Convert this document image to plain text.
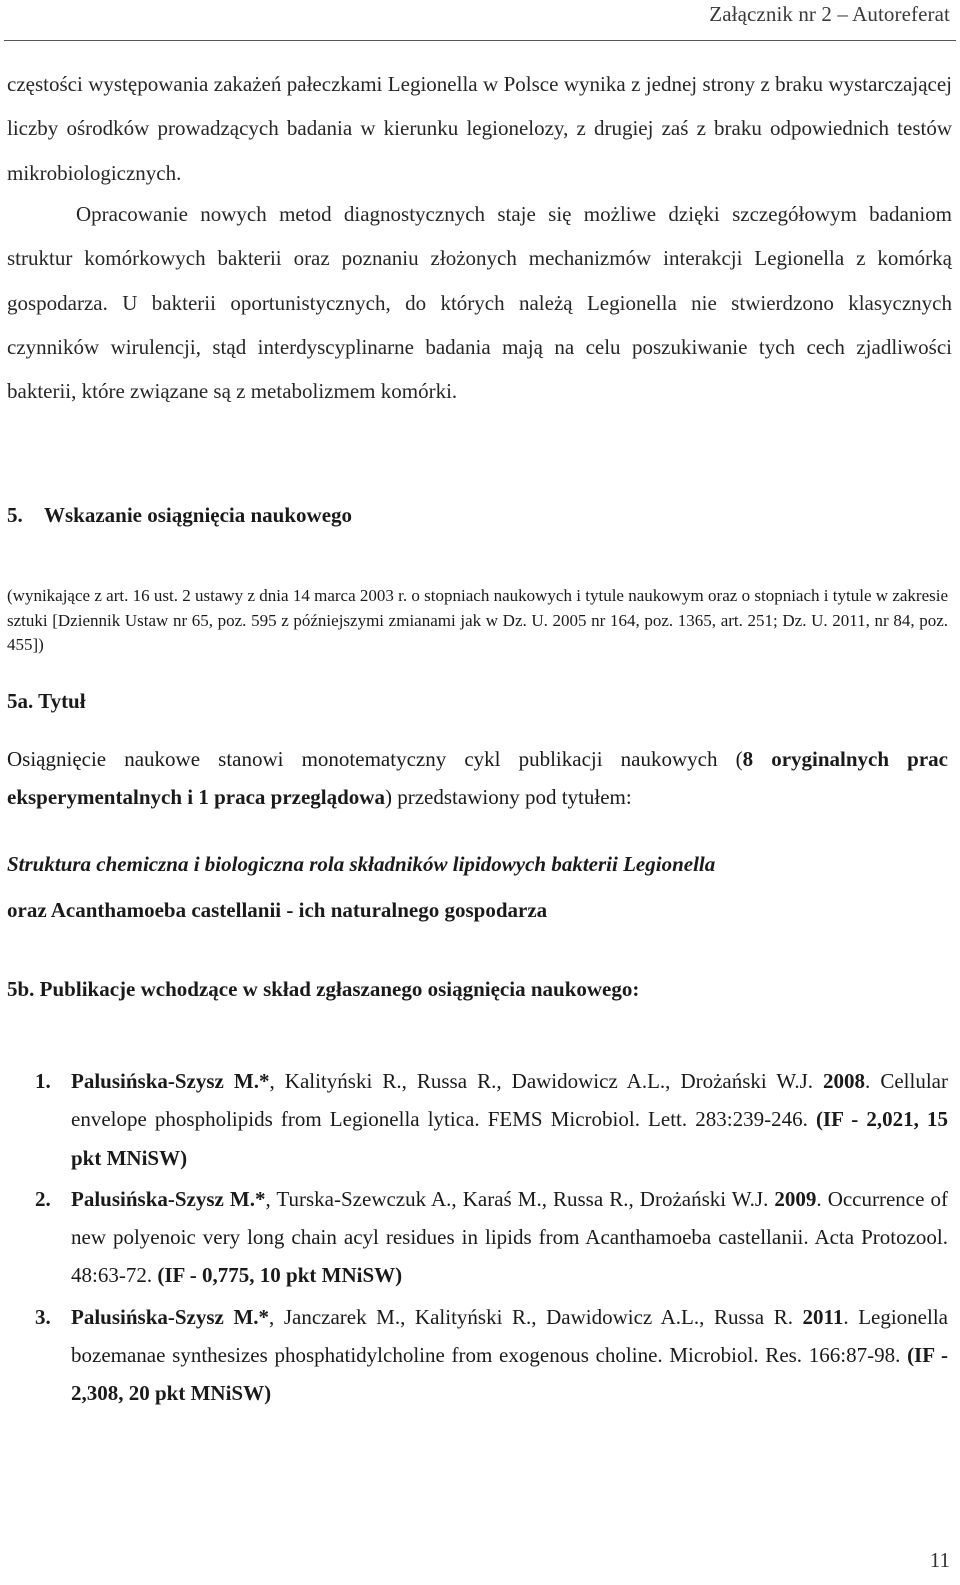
Załącznik nr 2 – Autoreferat

częstości występowania zakażeń pałeczkami Legionella w Polsce wynika z jednej strony z braku wystarczającej liczby ośrodków prowadzących badania w kierunku legionelozy, z drugiej zaś z braku odpowiednich testów mikrobiologicznych.

Opracowanie nowych metod diagnostycznych staje się możliwe dzięki szczegółowym badaniom struktur komórkowych bakterii oraz poznaniu złożonych mechanizmów interakcji Legionella z komórką gospodarza. U bakterii oportunistycznych, do których należą Legionella nie stwierdzono klasycznych czynników wirulencji, stąd interdyscyplinarne badania mają na celu poszukiwanie tych cech zjadliwości bakterii, które związane są z metabolizmem komórki.

5. Wskazanie osiągnięcia naukowego

(wynikające z art. 16 ust. 2 ustawy z dnia 14 marca 2003 r. o stopniach naukowych i tytule naukowym oraz o stopniach i tytule w zakresie sztuki [Dziennik Ustaw nr 65, poz. 595 z późniejszymi zmianami jak w Dz. U. 2005 nr 164, poz. 1365, art. 251; Dz. U. 2011, nr 84, poz. 455])

5a. Tytuł

Osiągnięcie naukowe stanowi monotematyczny cykl publikacji naukowych (8 oryginalnych prac eksperymentalnych i 1 praca przeglądowa) przedstawiony pod tytułem:

Struktura chemiczna i biologiczna rola składników lipidowych bakterii Legionella

oraz Acanthamoeba castellanii - ich naturalnego gospodarza

5b. Publikacje wchodzące w skład zgłaszanego osiągnięcia naukowego:
1. Palusińska-Szysz M.*, Kalityński R., Russa R., Dawidowicz A.L., Drożański W.J. 2008. Cellular envelope phospholipids from Legionella lytica. FEMS Microbiol. Lett. 283:239-246. (IF - 2,021, 15 pkt MNiSW)
2. Palusińska-Szysz M.*, Turska-Szewczuk A., Karaś M., Russa R., Drożański W.J. 2009. Occurrence of new polyenoic very long chain acyl residues in lipids from Acanthamoeba castellanii. Acta Protozool. 48:63-72. (IF - 0,775, 10 pkt MNiSW)
3. Palusińska-Szysz M.*, Janczarek M., Kalityński R., Dawidowicz A.L., Russa R. 2011. Legionella bozemanae synthesizes phosphatidylcholine from exogenous choline. Microbiol. Res. 166:87-98. (IF - 2,308, 20 pkt MNiSW)
11
